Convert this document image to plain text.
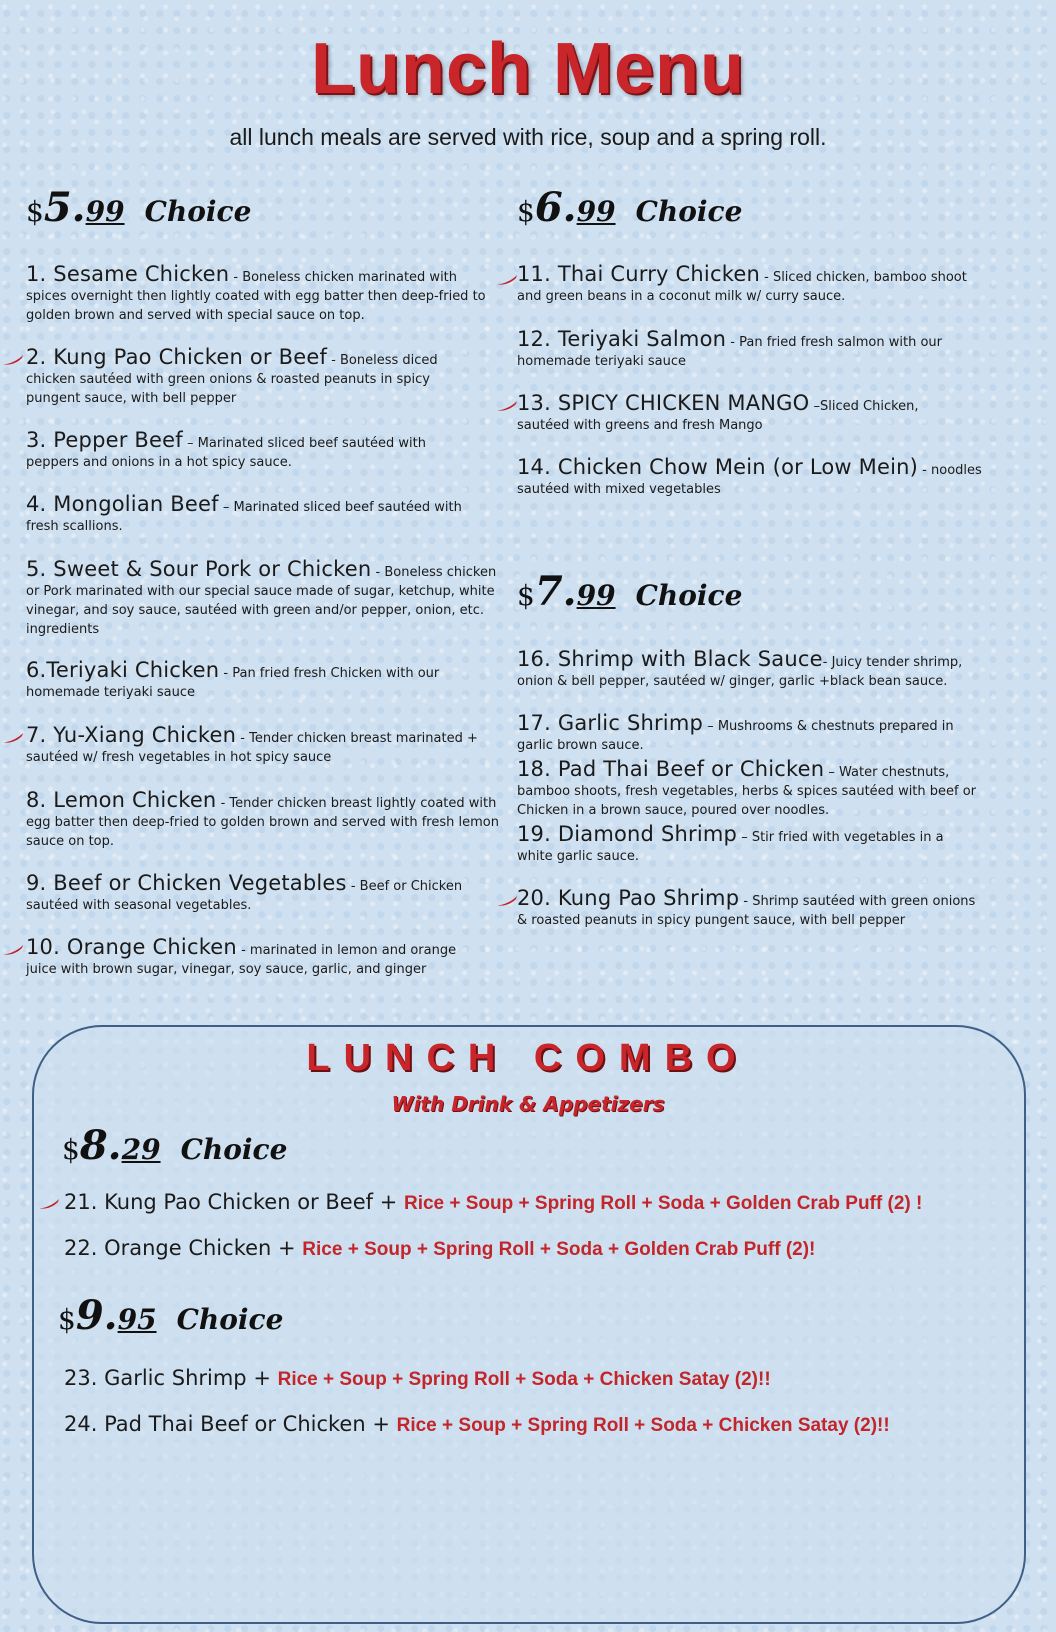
Lunch Menu
all lunch meals are served with rice, soup and a spring roll.
$ 5. 99 Choice	$ 6. 99 Choice
$ 7. 99 Choice
1. Sesame Chicken - Boneless chicken marinated with spices overnight then lightly coated with egg batter then deep-fried to golden brown and served with special sauce on top.
2. Kung Pao Chicken or Beef - Boneless diced chicken sautéed with green onions & roasted peanuts in spicy pungent sauce, with bell pepper
3. Pepper Beef – Marinated sliced beef sautéed with peppers and onions in a hot spicy sauce.
4. Mongolian Beef – Marinated sliced beef sautéed with fresh scallions.
5. Sweet & Sour Pork or Chicken - Boneless chicken or Pork marinated with our special sauce made of sugar, ketchup, white vinegar, and soy sauce, sautéed with green and/or pepper, onion, etc. ingredients
6.Teriyaki Chicken - Pan fried fresh Chicken with our homemade teriyaki sauce
7. Yu-Xiang Chicken - Tender chicken breast marinated + sautéed w/ fresh vegetables in hot spicy sauce
8. Lemon Chicken - Tender chicken breast lightly coated with egg batter then deep-fried to golden brown and served with fresh lemon sauce on top.
9. Beef or Chicken Vegetables - Beef or Chicken sautéed with seasonal vegetables.
10. Orange Chicken - marinated in lemon and orange juice with brown sugar, vinegar, soy sauce, garlic, and ginger
11. Thai Curry Chicken - Sliced chicken, bamboo shoot and green beans in a coconut milk w/ curry sauce.
12. Teriyaki Salmon - Pan fried fresh salmon with our homemade teriyaki sauce
13. SPICY CHICKEN MANGO –Sliced Chicken, sautéed with greens and fresh Mango
14. Chicken Chow Mein (or Low Mein) - noodles sautéed with mixed vegetables
16. Shrimp with Black Sauce- Juicy tender shrimp, onion & bell pepper, sautéed w/ ginger, garlic +black bean sauce.
17. Garlic Shrimp – Mushrooms & chestnuts prepared in garlic brown sauce.
18. Pad Thai Beef or Chicken – Water chestnuts, bamboo shoots, fresh vegetables, herbs & spices sautéed with beef or Chicken in a brown sauce, poured over noodles.
19. Diamond Shrimp – Stir fried with vegetables in a white garlic sauce.
20. Kung Pao Shrimp - Shrimp sautéed with green onions & roasted peanuts in spicy pungent sauce, with bell pepper
LUNCH COMBO
With Drink & Appetizers
$ 8. 29 Choice
21. Kung Pao Chicken or Beef + Rice + Soup + Spring Roll + Soda + Golden Crab Puff (2) !
22. Orange Chicken + Rice + Soup + Spring Roll + Soda + Golden Crab Puff (2)!
$ 9. 95 Choice
23. Garlic Shrimp + Rice + Soup + Spring Roll + Soda + Chicken Satay (2)!!
24. Pad Thai Beef or Chicken + Rice + Soup + Spring Roll + Soda + Chicken Satay (2)!!
